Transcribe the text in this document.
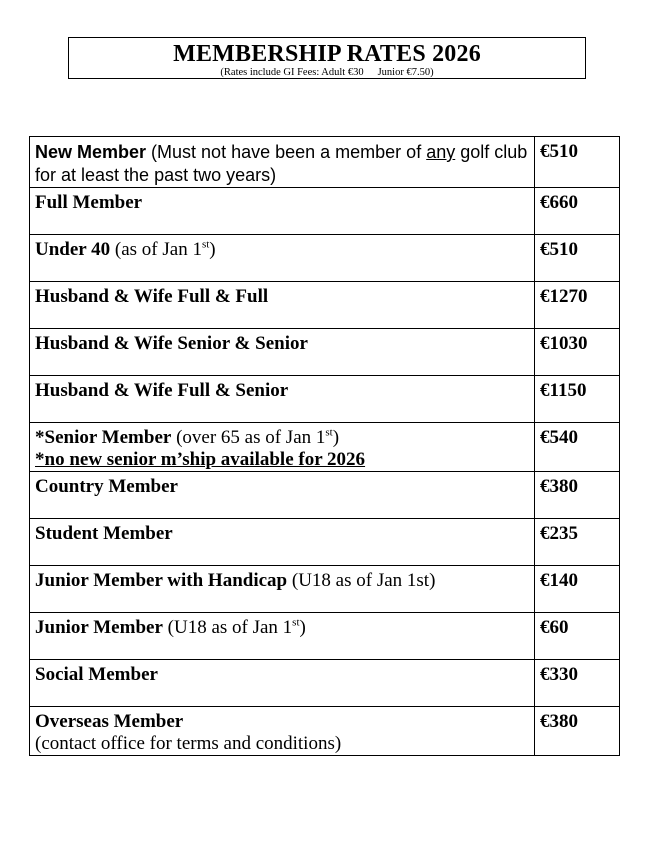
MEMBERSHIP RATES 2026
(Rates include GI Fees: Adult €30 Junior €7.50)
New Member (Must not have been a member of any golf club for at least the past two years)	€510
Full Member	€660
Under 40 (as of Jan 1st)	€510
Husband & Wife Full & Full	€1270
Husband & Wife Senior & Senior	€1030
Husband & Wife Full & Senior	€1150
*Senior Member (over 65 as of Jan 1st)
*no new senior m’ship available for 2026	€540
Country Member	€380
Student Member	€235
Junior Member with Handicap (U18 as of Jan 1st)	€140
Junior Member (U18 as of Jan 1st)	€60
Social Member	€330
Overseas Member
(contact office for terms and conditions)	€380
